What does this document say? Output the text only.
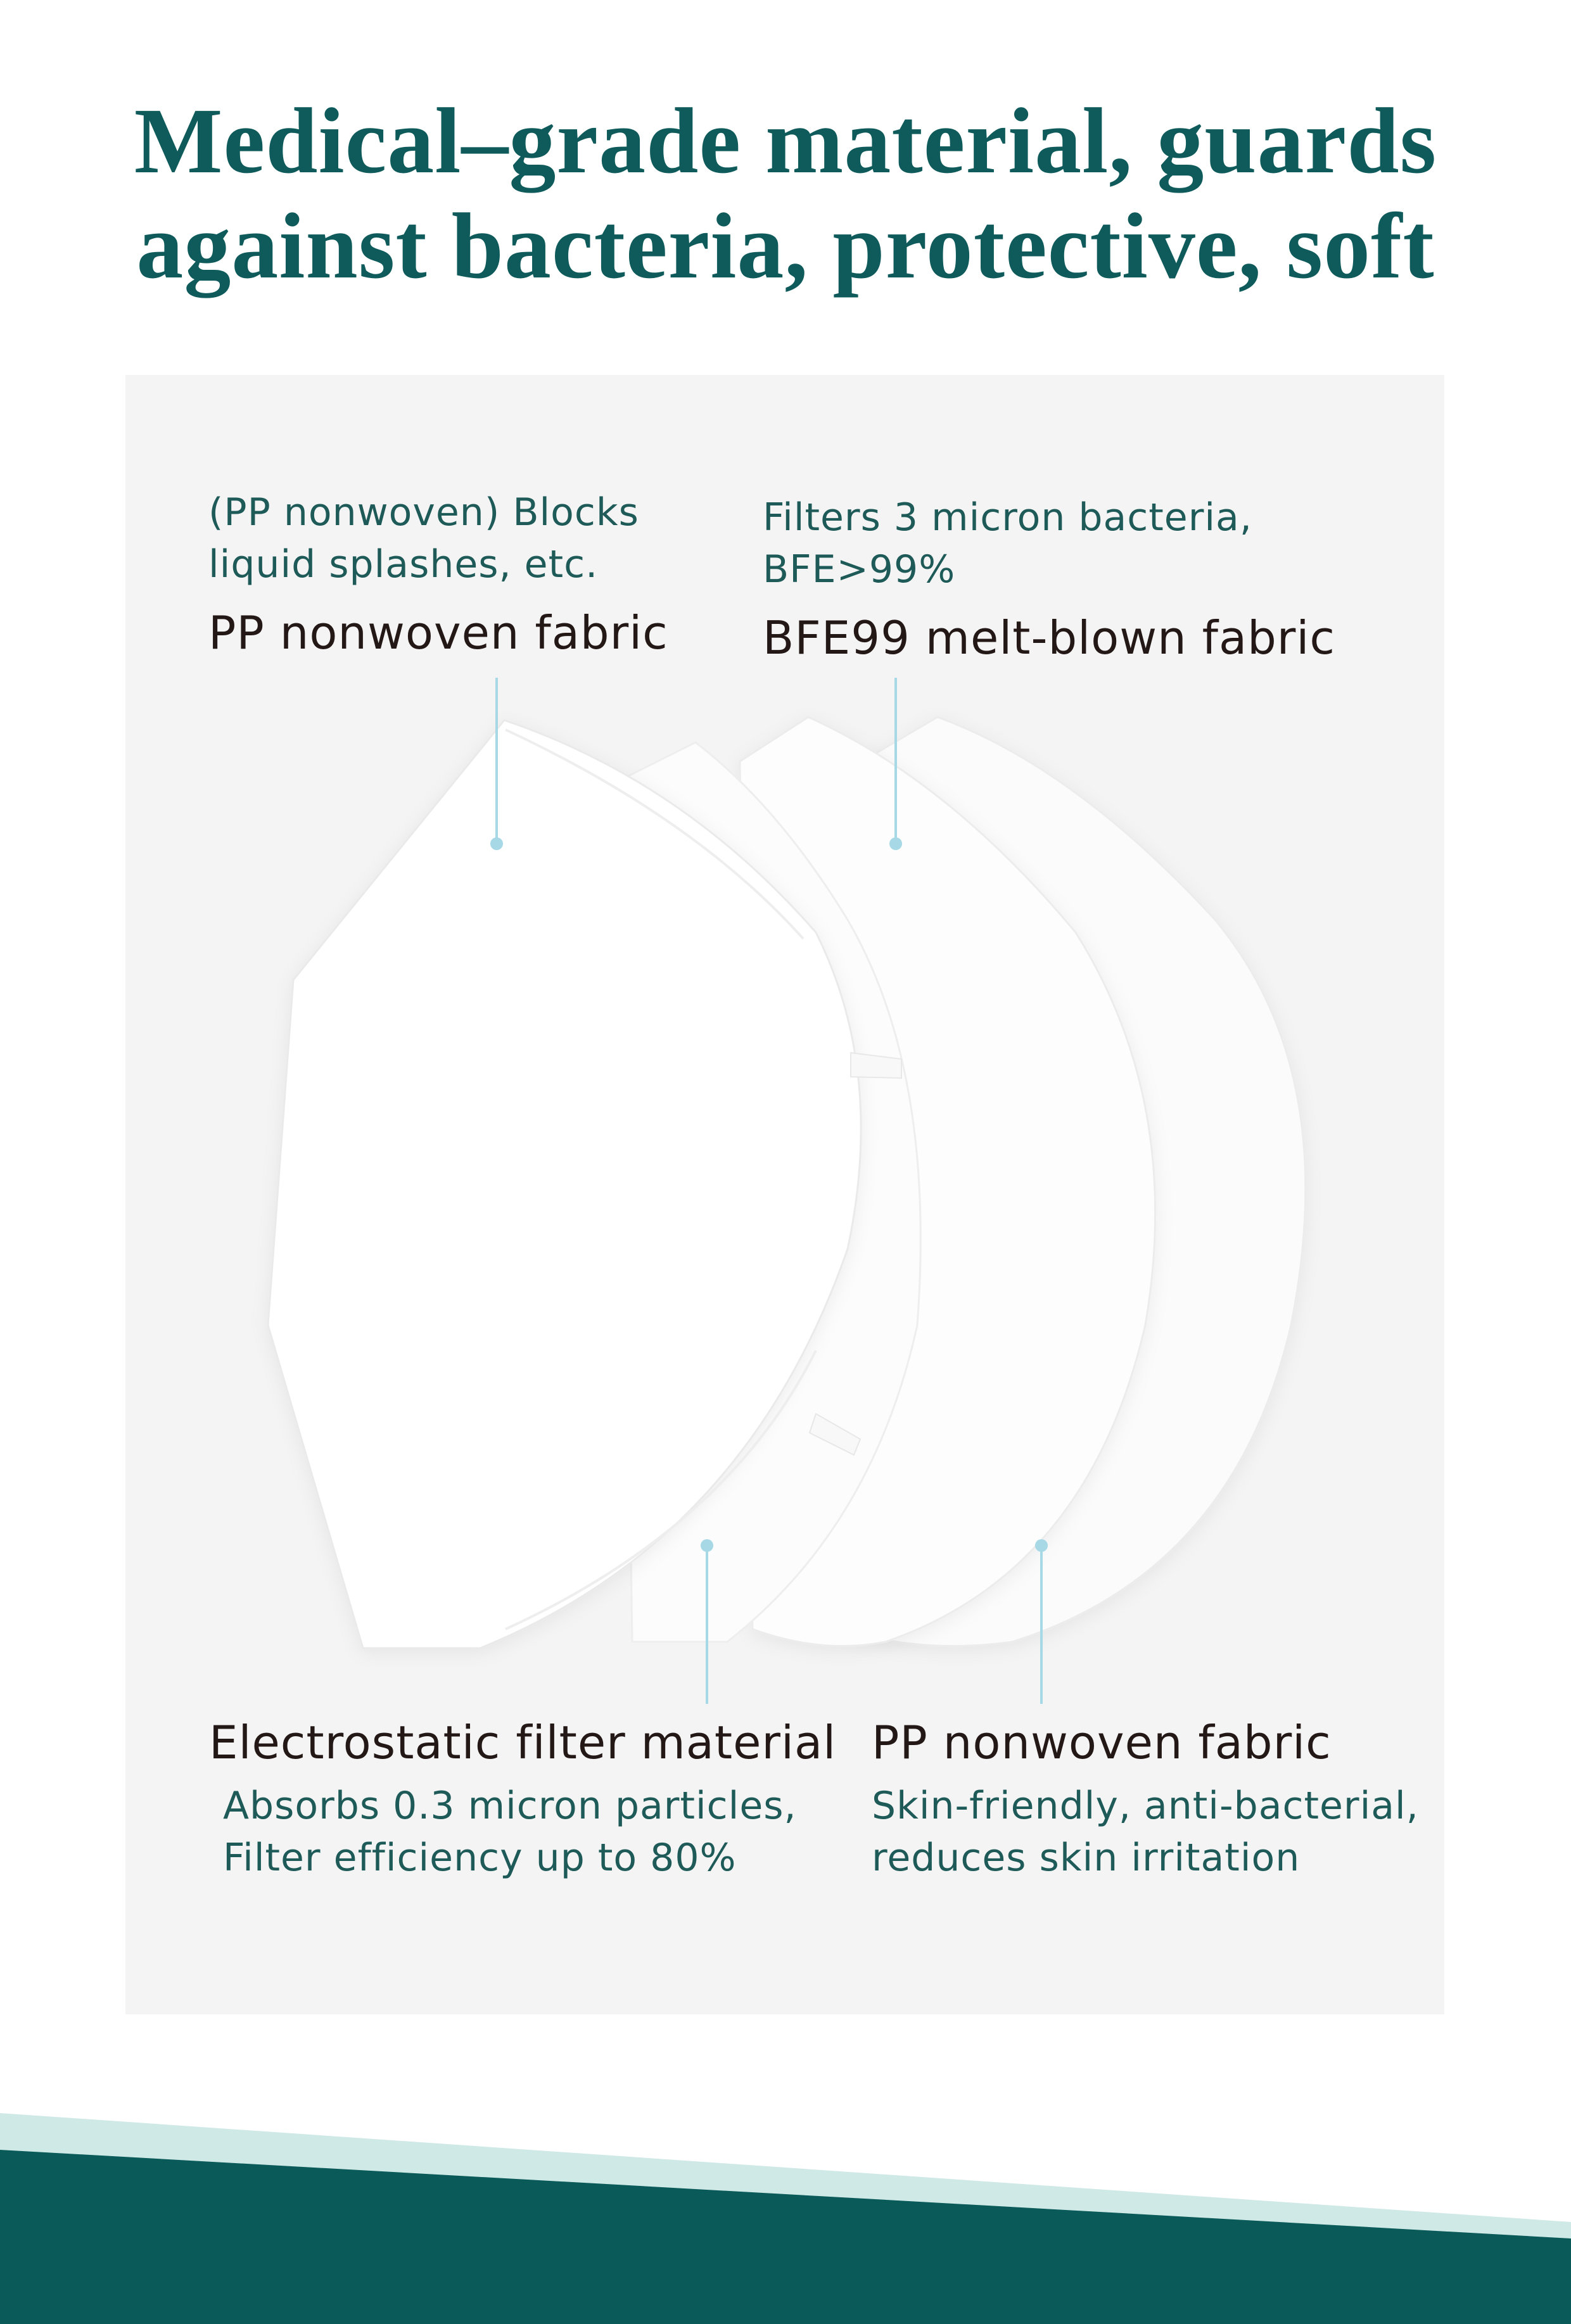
Medical–grade material, guards
against bacteria, protective, soft
(PP nonwoven) Blocks
liquid splashes, etc.
PP nonwoven fabric
Filters 3 micron bacteria,
BFE>99%
BFE99 melt-blown fabric
Electrostatic filter material
Absorbs 0.3 micron particles,
Filter efficiency up to 80%
PP nonwoven fabric
Skin-friendly, anti-bacterial,
reduces skin irritation
